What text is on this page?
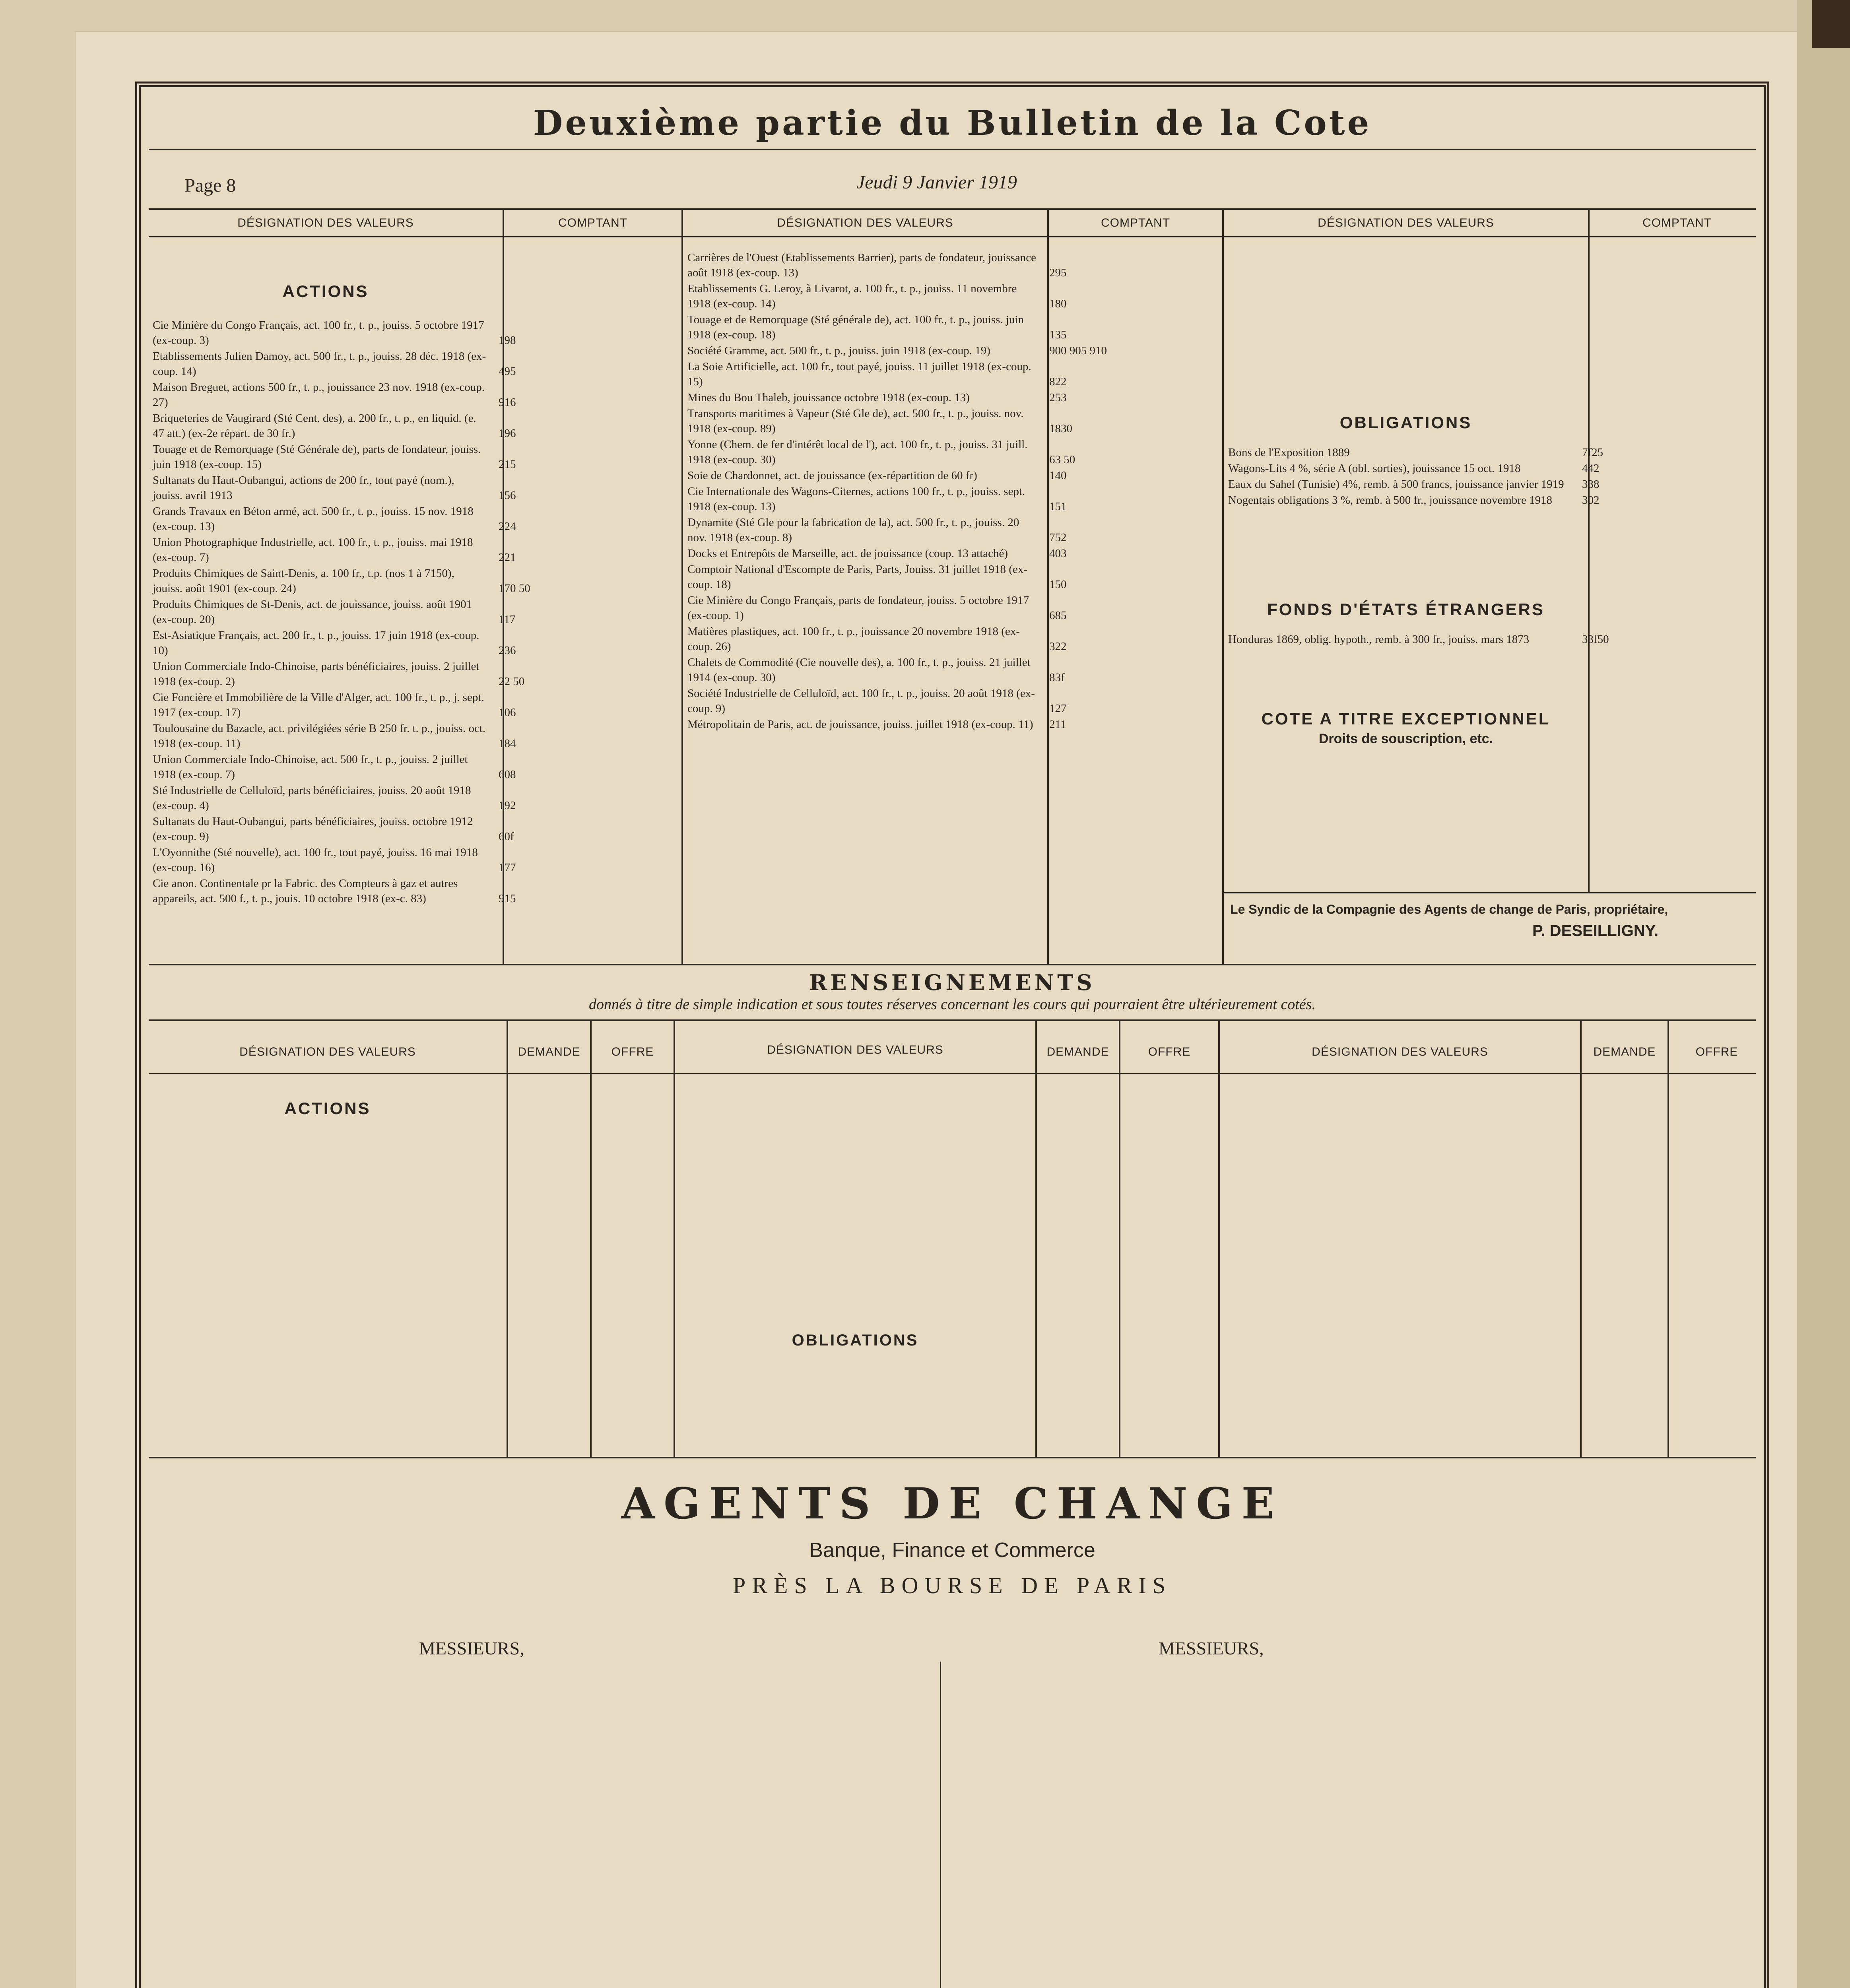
Deuxième partie du Bulletin de la Cote
Page 8	Jeudi 9 Janvier 1919
DÉSIGNATION DES VALEURS	COMPTANT	DÉSIGNATION DES VALEURS	COMPTANT	DÉSIGNATION DES VALEURS	COMPTANT
ACTIONS
Cie Minière du Congo Français, act. 100 fr., t. p., jouiss. 5 octobre 1917 (ex-coup. 3)	198
Etablissements Julien Damoy, act. 500 fr., t. p., jouiss. 28 déc. 1918 (ex-coup. 14)	495
Maison Breguet, actions 500 fr., t. p., jouissance 23 nov. 1918 (ex-coup. 27)	916
Briqueteries de Vaugirard (Sté Cent. des), a. 200 fr., t. p., en liquid. (e. 47 att.) (ex-2e répart. de 30 fr.)	196
Touage et de Remorquage (Sté Générale de), parts de fondateur, jouiss. juin 1918 (ex-coup. 15)	215
Sultanats du Haut-Oubangui, actions de 200 fr., tout payé (nom.), jouiss. avril 1913	156
Grands Travaux en Béton armé, act. 500 fr., t. p., jouiss. 15 nov. 1918 (ex-coup. 13)	224
Union Photographique Industrielle, act. 100 fr., t. p., jouiss. mai 1918 (ex-coup. 7)	221
Produits Chimiques de Saint-Denis, a. 100 fr., t.p. (nos 1 à 7150), jouiss. août 1901 (ex-coup. 24)	170 50
Produits Chimiques de St-Denis, act. de jouissance, jouiss. août 1901 (ex-coup. 20)	117
Est-Asiatique Français, act. 200 fr., t. p., jouiss. 17 juin 1918 (ex-coup. 10)	236
Union Commerciale Indo-Chinoise, parts bénéficiaires, jouiss. 2 juillet 1918 (ex-coup. 2)	22 50
Cie Foncière et Immobilière de la Ville d'Alger, act. 100 fr., t. p., j. sept. 1917 (ex-coup. 17)	106
Toulousaine du Bazacle, act. privilégiées série B 250 fr. t. p., jouiss. oct. 1918 (ex-coup. 11)	184
Union Commerciale Indo-Chinoise, act. 500 fr., t. p., jouiss. 2 juillet 1918 (ex-coup. 7)	608
Sté Industrielle de Celluloïd, parts bénéficiaires, jouiss. 20 août 1918 (ex-coup. 4)	192
Sultanats du Haut-Oubangui, parts bénéficiaires, jouiss. octobre 1912 (ex-coup. 9)	60f
L'Oyonnithe (Sté nouvelle), act. 100 fr., tout payé, jouiss. 16 mai 1918 (ex-coup. 16)	177
Cie anon. Continentale pr la Fabric. des Compteurs à gaz et autres appareils, act. 500 f., t. p., jouis. 10 octobre 1918 (ex-c. 83)	915
Carrières de l'Ouest (Etablissements Barrier), parts de fondateur, jouissance août 1918 (ex-coup. 13)	295
Etablissements G. Leroy, à Livarot, a. 100 fr., t. p., jouiss. 11 novembre 1918 (ex-coup. 14)	180
Touage et de Remorquage (Sté générale de), act. 100 fr., t. p., jouiss. juin 1918 (ex-coup. 18)	135
Société Gramme, act. 500 fr., t. p., jouiss. juin 1918 (ex-coup. 19)	900 905 910
La Soie Artificielle, act. 100 fr., tout payé, jouiss. 11 juillet 1918 (ex-coup. 15)	822
Mines du Bou Thaleb, jouissance octobre 1918 (ex-coup. 13)	253
Transports maritimes à Vapeur (Sté Gle de), act. 500 fr., t. p., jouiss. nov. 1918 (ex-coup. 89)	1830
Yonne (Chem. de fer d'intérêt local de l'), act. 100 fr., t. p., jouiss. 31 juill. 1918 (ex-coup. 30)	63 50
Soie de Chardonnet, act. de jouissance (ex-répartition de 60 fr)	140
Cie Internationale des Wagons-Citernes, actions 100 fr., t. p., jouiss. sept. 1918 (ex-coup. 13)	151
Dynamite (Sté Gle pour la fabrication de la), act. 500 fr., t. p., jouiss. 20 nov. 1918 (ex-coup. 8)	752
Docks et Entrepôts de Marseille, act. de jouissance (coup. 13 attaché)	403
Comptoir National d'Escompte de Paris, Parts, Jouiss. 31 juillet 1918 (ex-coup. 18)	150
Cie Minière du Congo Français, parts de fondateur, jouiss. 5 octobre 1917 (ex-coup. 1)	685
Matières plastiques, act. 100 fr., t. p., jouissance 20 novembre 1918 (ex-coup. 26)	322
Chalets de Commodité (Cie nouvelle des), a. 100 fr., t. p., jouiss. 21 juillet 1914 (ex-coup. 30)	83f
Société Industrielle de Celluloïd, act. 100 fr., t. p., jouiss. 20 août 1918 (ex-coup. 9)	127
Métropolitain de Paris, act. de jouissance, jouiss. juillet 1918 (ex-coup. 11)	211
OBLIGATIONS
Bons de l'Exposition 1889	7f25
Wagons-Lits 4 %, série A (obl. sorties), jouissance 15 oct. 1918	442
Eaux du Sahel (Tunisie) 4%, remb. à 500 francs, jouissance janvier 1919	338
Nogentais obligations 3 %, remb. à 500 fr., jouissance novembre 1918	302
FONDS D'ÉTATS ÉTRANGERS
Honduras 1869, oblig. hypoth., remb. à 300 fr., jouiss. mars 1873	33f50
COTE A TITRE EXCEPTIONNEL
Droits de souscription, etc.
Le Syndic de la Compagnie des Agents de change de Paris, propriétaire,
P. DESEILLIGNY.
RENSEIGNEMENTS
donnés à titre de simple indication et sous toutes réserves concernant les cours qui pourraient être ultérieurement cotés.
DÉSIGNATION DES VALEURS	DEMANDE	OFFRE	DÉSIGNATION DES VALEURS	DEMANDE	OFFRE	DÉSIGNATION DES VALEURS	DEMANDE	OFFRE
ACTIONS
OBLIGATIONS
AGENTS DE CHANGE
Banque, Finance et Commerce
PRÈS LA BOURSE DE PARIS
MESSIEURS,	MESSIEURS,
